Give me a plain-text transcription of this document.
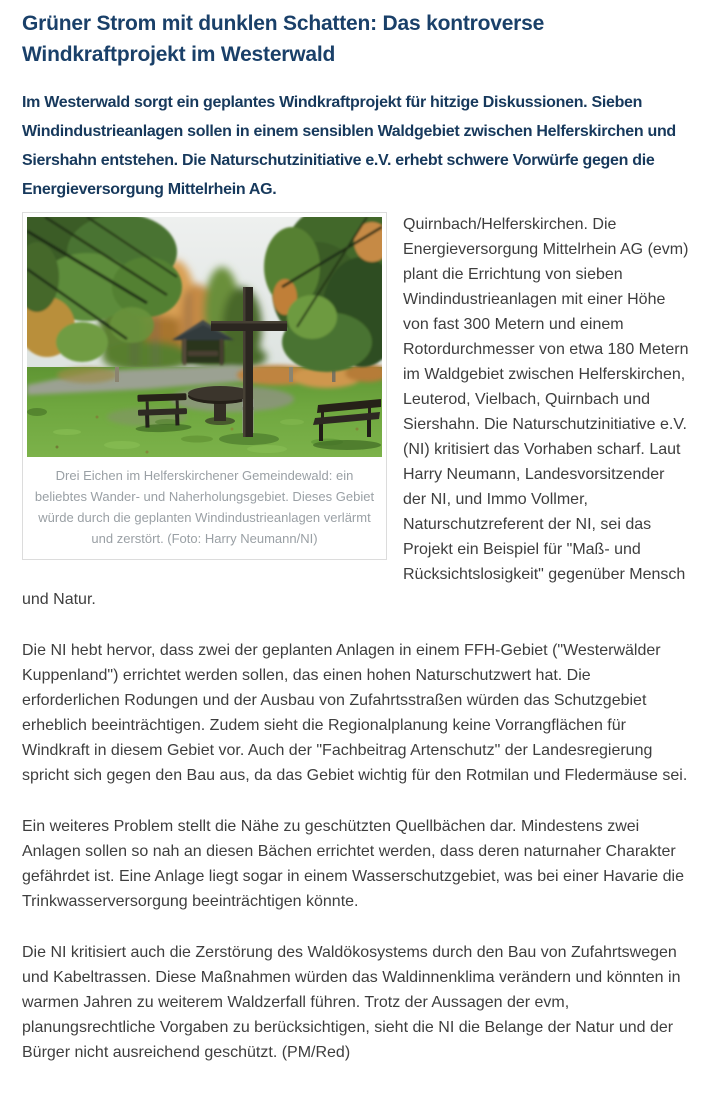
Grüner Strom mit dunklen Schatten: Das kontroverse Windkraftprojekt im Westerwald

Im Westerwald sorgt ein geplantes Windkraftprojekt für hitzige Diskussionen. Sieben Windindustrieanlagen sollen in einem sensiblen Waldgebiet zwischen Helferskirchen und Siershahn entstehen. Die Naturschutzinitiative e.V. erhebt schwere Vorwürfe gegen die Energieversorgung Mittelrhein AG.

Drei Eichen im Helferskirchener Gemeindewald: ein beliebtes Wander- und Naherholungsgebiet. Dieses Gebiet würde durch die geplanten Windindustrieanlagen verlärmt und zerstört. (Foto: Harry Neumann/NI)

Quirnbach/Helferskirchen. Die Energieversorgung Mittelrhein AG (evm) plant die Errichtung von sieben Windindustrieanlagen mit einer Höhe von fast 300 Metern und einem Rotordurchmesser von etwa 180 Metern im Waldgebiet zwischen Helferskirchen, Leuterod, Vielbach, Quirnbach und Siershahn. Die Naturschutzinitiative e.V. (NI) kritisiert das Vorhaben scharf. Laut Harry Neumann, Landesvorsitzender der NI, und Immo Vollmer, Naturschutzreferent der NI, sei das Projekt ein Beispiel für "Maß- und Rücksichtslosigkeit" gegenüber Mensch und Natur.

Die NI hebt hervor, dass zwei der geplanten Anlagen in einem FFH-Gebiet ("Westerwälder Kuppenland") errichtet werden sollen, das einen hohen Naturschutzwert hat. Die erforderlichen Rodungen und der Ausbau von Zufahrtsstraßen würden das Schutzgebiet erheblich beeinträchtigen. Zudem sieht die Regionalplanung keine Vorrangflächen für Windkraft in diesem Gebiet vor. Auch der "Fachbeitrag Artenschutz" der Landesregierung spricht sich gegen den Bau aus, da das Gebiet wichtig für den Rotmilan und Fledermäuse sei.

Ein weiteres Problem stellt die Nähe zu geschützten Quellbächen dar. Mindestens zwei Anlagen sollen so nah an diesen Bächen errichtet werden, dass deren naturnaher Charakter gefährdet ist. Eine Anlage liegt sogar in einem Wasserschutzgebiet, was bei einer Havarie die Trinkwasserversorgung beeinträchtigen könnte.

Die NI kritisiert auch die Zerstörung des Waldökosystems durch den Bau von Zufahrtswegen und Kabeltrassen. Diese Maßnahmen würden das Waldinnenklima verändern und könnten in warmen Jahren zu weiterem Waldzerfall führen. Trotz der Aussagen der evm, planungsrechtliche Vorgaben zu berücksichtigen, sieht die NI die Belange der Natur und der Bürger nicht ausreichend geschützt. (PM/Red)
